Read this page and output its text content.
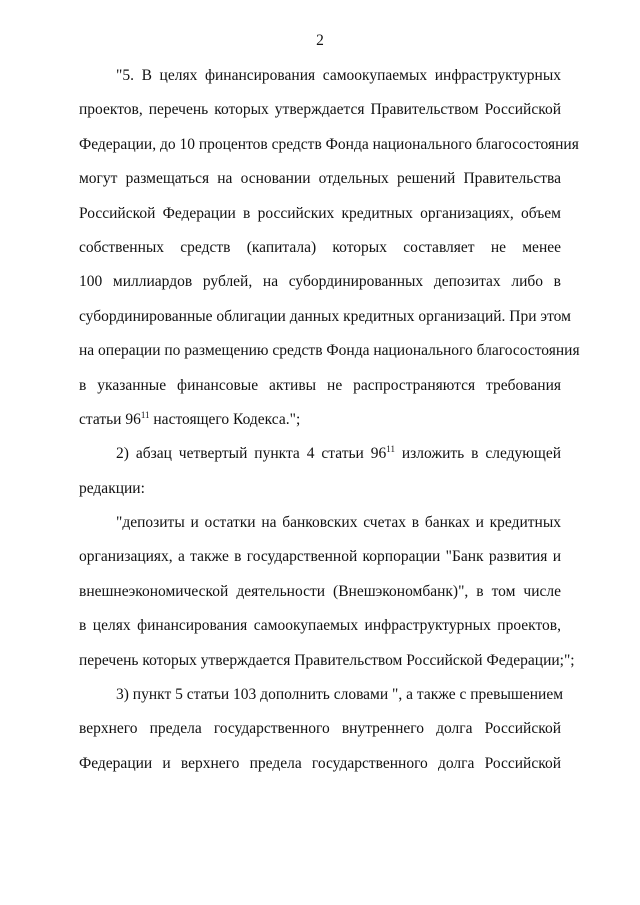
2
"5. В целях финансирования самоокупаемых инфраструктурных
проектов, перечень которых утверждается Правительством Российской
Федерации, до 10 процентов средств Фонда национального благосостояния
могут размещаться на основании отдельных решений Правительства
Российской Федерации в российских кредитных организациях, объем
собственных средств (капитала) которых составляет не менее
100 миллиардов рублей, на субординированных депозитах либо в
субординированные облигации данных кредитных организаций. При этом
на операции по размещению средств Фонда национального благосостояния
в указанные финансовые активы не распространяются требования
статьи $96^{11}$ настоящего Кодекса.";
2) абзац четвертый пункта 4 статьи $96^{11}$ изложить в следующей
редакции:
"депозиты и остатки на банковских счетах в банках и кредитных
организациях, а также в государственной корпорации "Банк развития и
внешнеэкономической деятельности (Внешэкономбанк)", в том числе
в целях финансирования самоокупаемых инфраструктурных проектов,
перечень которых утверждается Правительством Российской Федерации;";
3) пункт 5 статьи 103 дополнить словами ", а также с превышением
верхнего предела государственного внутреннего долга Российской
Федерации и верхнего предела государственного долга Российской
